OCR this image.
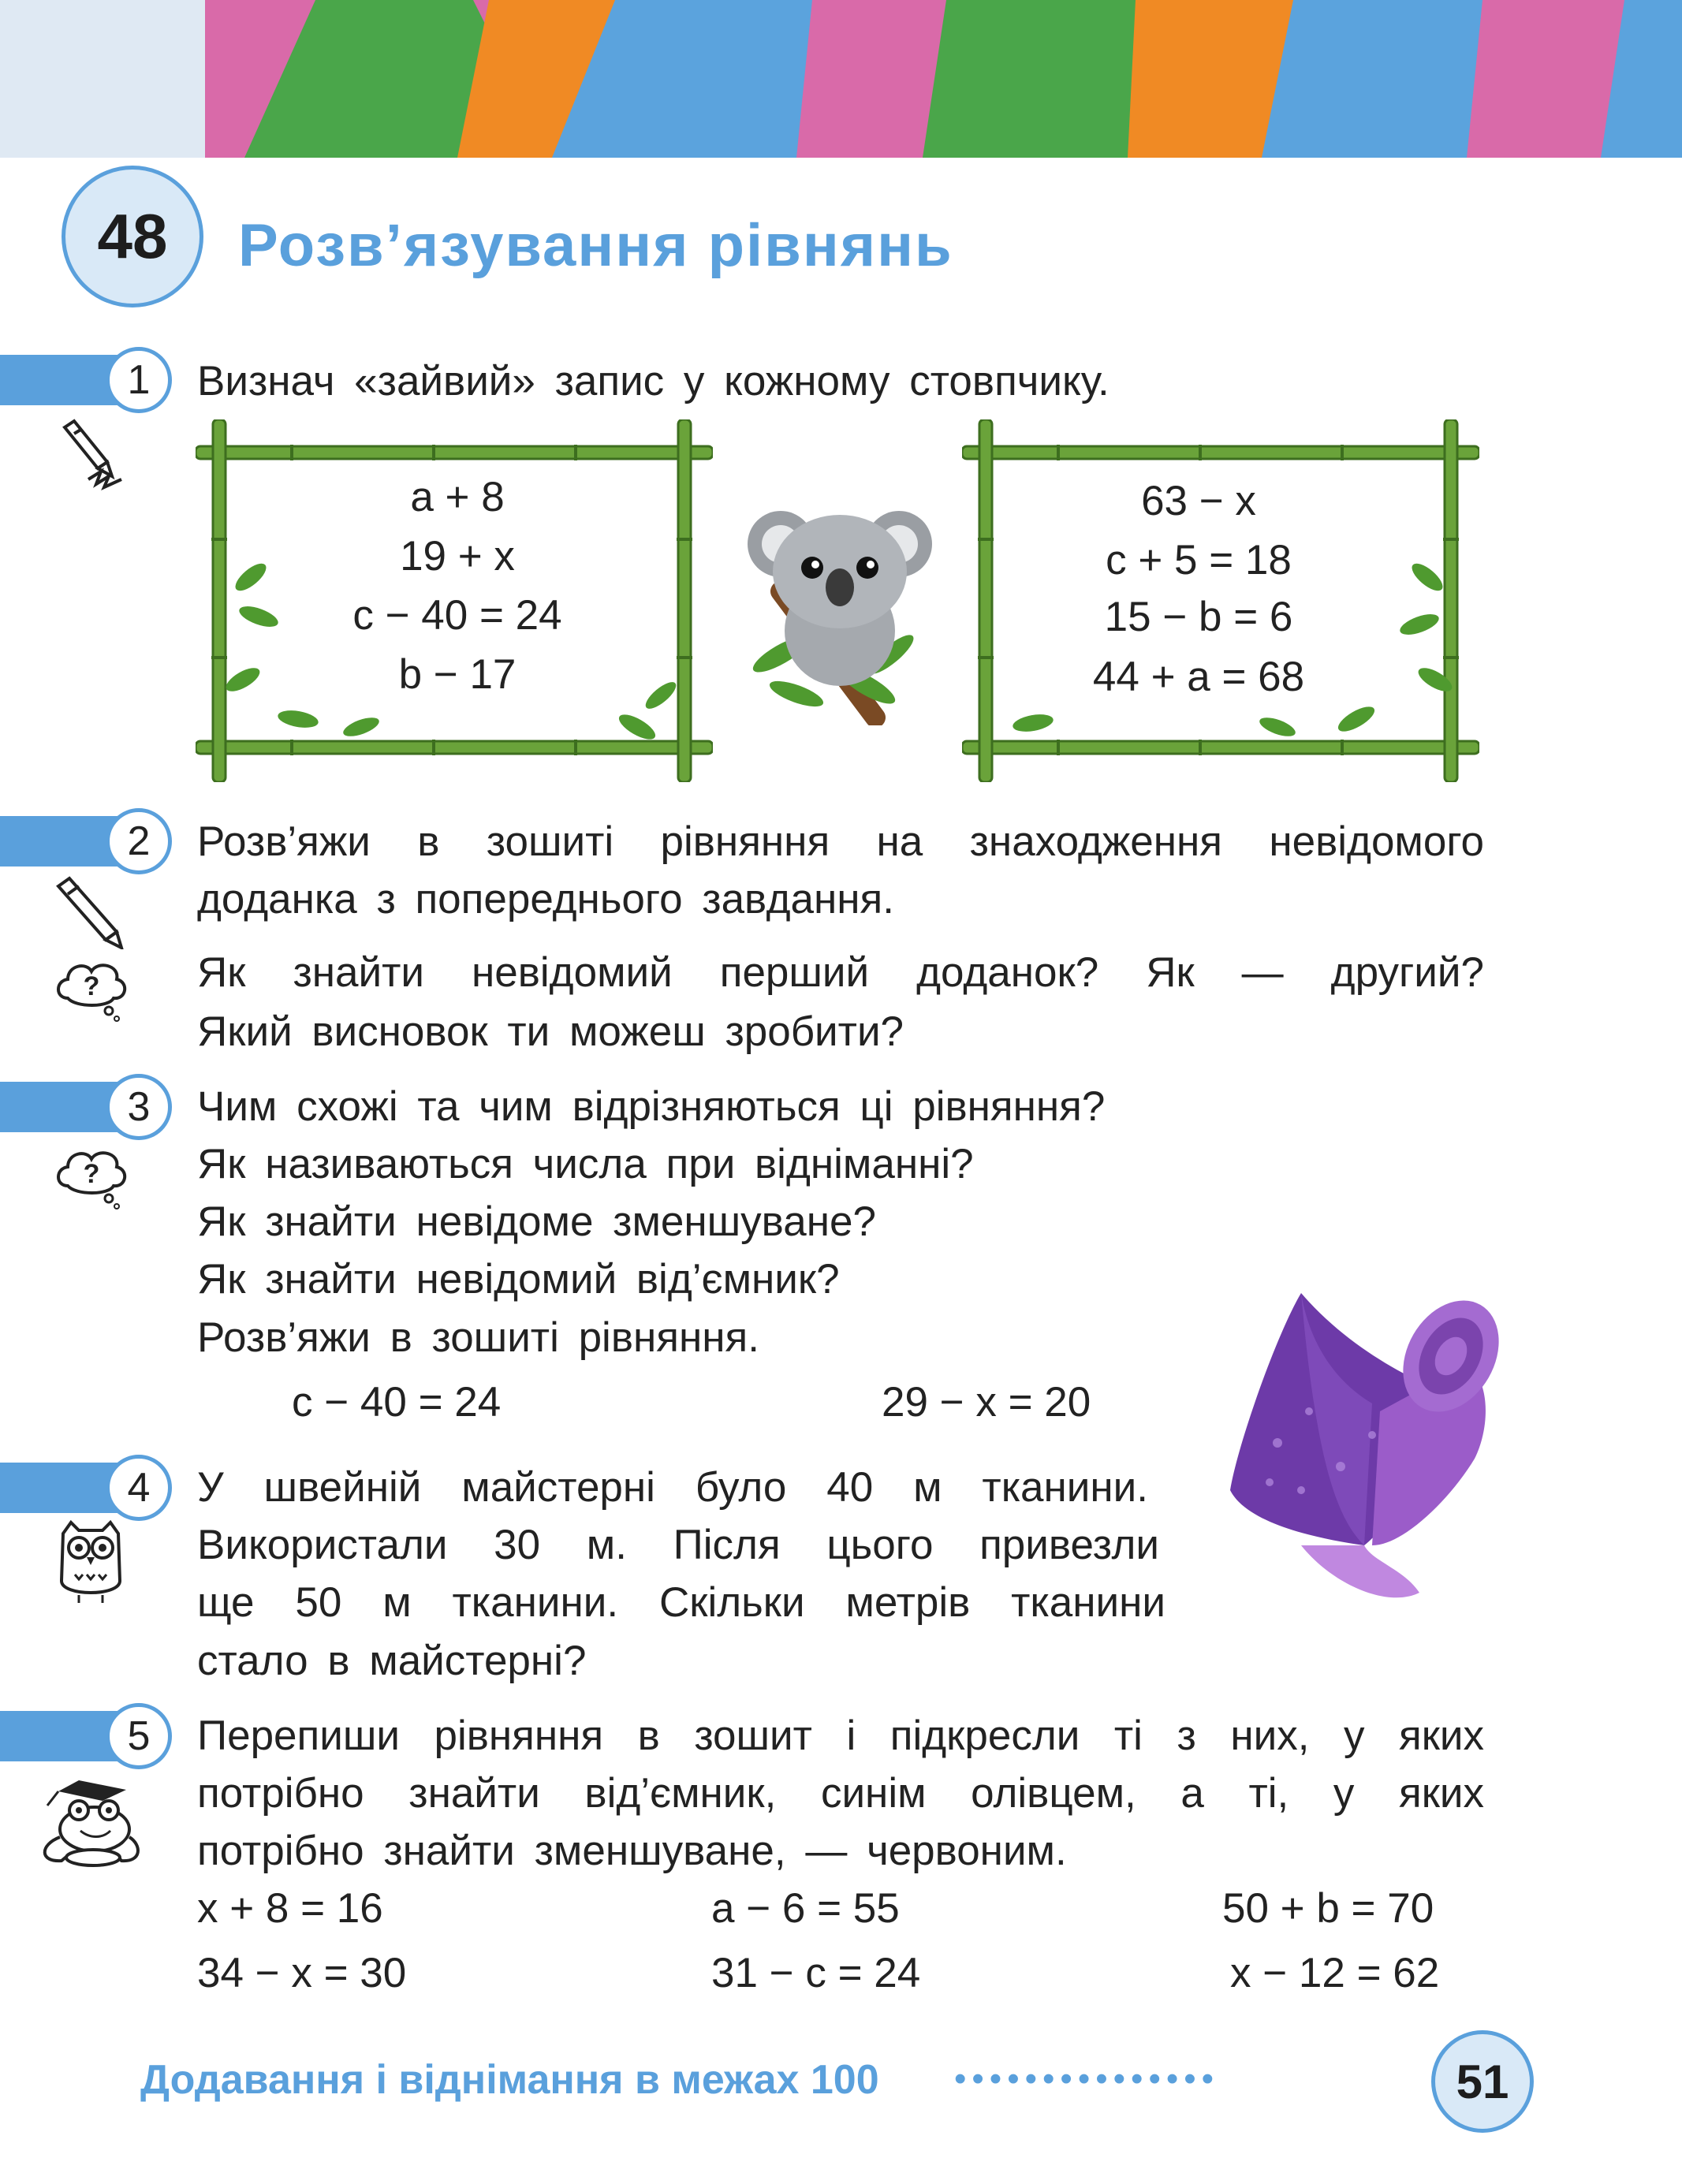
48	Розв’язування рівнянь
1	Визнач «зайвий» запис у кожному стовпчику.
a + 8
19 + x
c − 40 = 24
b − 17
63 − x
c + 5 = 18
15 − b = 6
44 + a = 68
2	Розв’яжи в зошиті рівняння на знаходження невідомого
доданка з попереднього завдання.
? Як знайти невідомий перший доданок? Як — другий?
Який висновок ти можеш зробити?
3
?
Чим схожі та чим відрізняються ці рівняння?
Як називаються числа при відніманні?
Як знайти невідоме зменшуване?
Як знайти невідомий від’ємник?
Розв’яжи в зошиті рівняння.
c − 40 = 24	29 − x = 20
4	У швейній майстерні було 40 м тканини.
Використали 30 м. Після цього привезли
ще 50 м тканини. Скільки метрів тканини
стало в майстерні?
5	Перепиши рівняння в зошит і підкресли ті з них, у яких
потрібно знайти від’ємник, синім олівцем, а ті, у яких
потрібно знайти зменшуване, — червоним.
x + 8 = 16	a − 6 = 55	50 + b = 70
34 − x = 30	31 − c = 24	x − 12 = 62
Додавання і віднімання в межах 100 •••••••••••••••	51
